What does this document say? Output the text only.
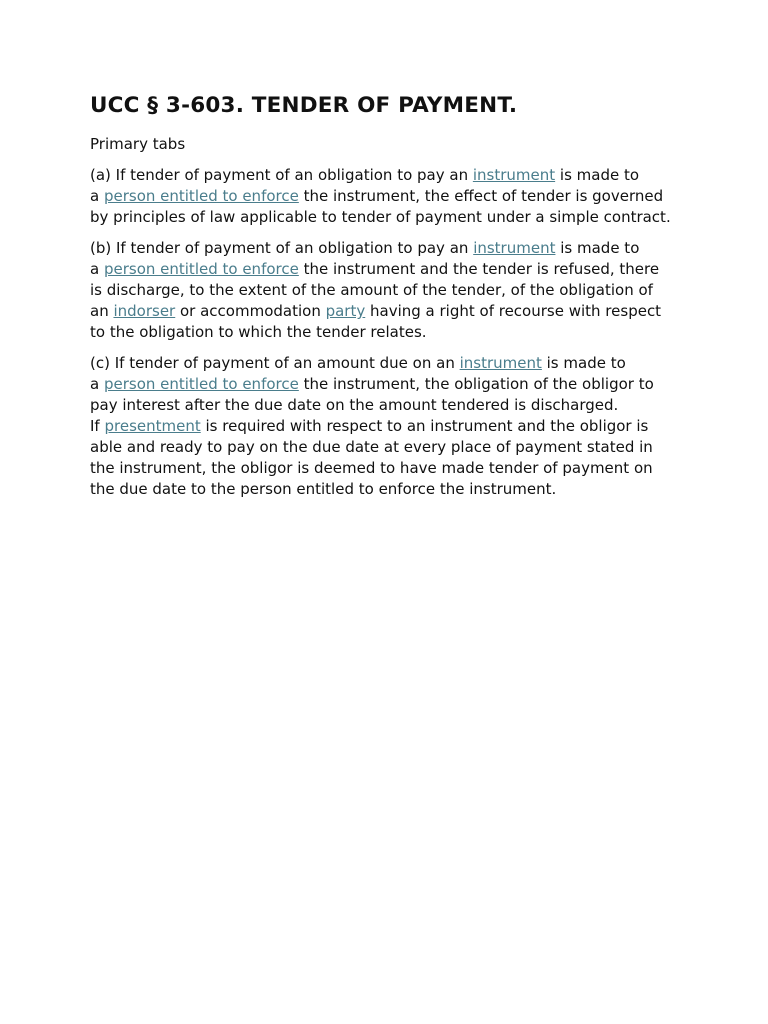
UCC § 3-603. TENDER OF PAYMENT.
Primary tabs
(a) If tender of payment of an obligation to pay an instrument is made to
a person entitled to enforce the instrument, the effect of tender is governed
by principles of law applicable to tender of payment under a simple contract.
(b) If tender of payment of an obligation to pay an instrument is made to
a person entitled to enforce the instrument and the tender is refused, there
is discharge, to the extent of the amount of the tender, of the obligation of
an indorser or accommodation party having a right of recourse with respect
to the obligation to which the tender relates.
(c) If tender of payment of an amount due on an instrument is made to
a person entitled to enforce the instrument, the obligation of the obligor to
pay interest after the due date on the amount tendered is discharged.
If presentment is required with respect to an instrument and the obligor is
able and ready to pay on the due date at every place of payment stated in
the instrument, the obligor is deemed to have made tender of payment on
the due date to the person entitled to enforce the instrument.
